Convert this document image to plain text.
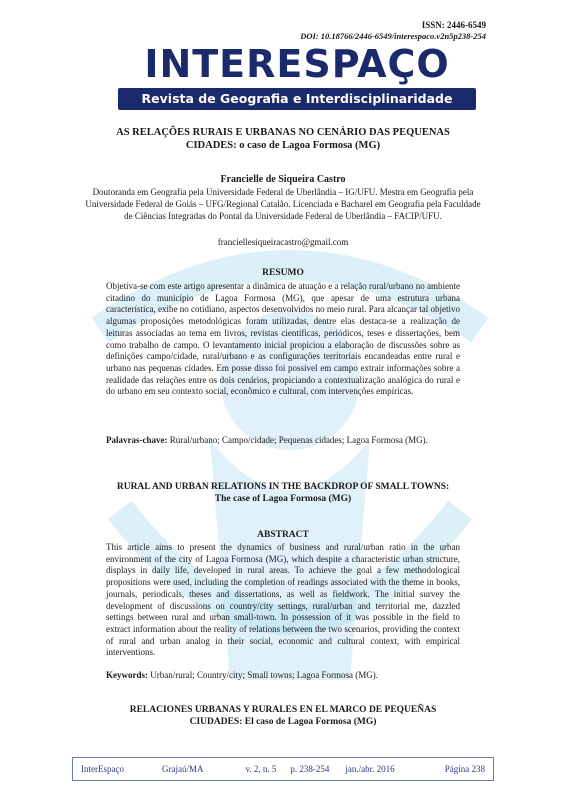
ISSN: 2446-6549
DOI: 10.18766/2446-6549/interespaco.v2n5p238-254
INTERESPAÇO
Revista de Geografia e Interdisciplinaridade
AS RELAÇÕES RURAIS E URBANAS NO CENÁRIO DAS PEQUENAS
CIDADES: o caso de Lagoa Formosa (MG)
Francielle de Siqueira Castro
Doutoranda em Geografia pela Universidade Federal de Uberlândia – IG/UFU. Mestra em Geografia pela Universidade Federal de Goiás – UFG/Regional Catalão. Licenciada e Bacharel em Geografia pela Faculdade de Ciências Integradas do Pontal da Universidade Federal de Uberlândia – FACIP/UFU.
franciellesiqueiracastro@gmail.com
RESUMO
Objetiva-se com este artigo apresentar a dinâmica de atuação e a relação rural/urbano no ambiente citadino do município de Lagoa Formosa (MG), que apesar de uma estrutura urbana característica, exibe no cotidiano, aspectos desenvolvidos no meio rural. Para alcançar tal objetivo algumas proposições metodológicas foram utilizadas, dentre elas destaca-se a realização de leituras associadas ao tema em livros, revistas científicas, periódicos, teses e dissertações, bem como trabalho de campo. O levantamento inicial propiciou a elaboração de discussões sobre as definições campo/cidade, rural/urbano e as configurações territoriais encandeadas entre rural e urbano nas pequenas cidades. Em posse disso foi possível em campo extrair informações sobre a realidade das relações entre os dois cenários, propiciando a contextualização analógica do rural e do urbano em seu contexto social, econômico e cultural, com intervenções empíricas.
Palavras-chave: Rural/urbano; Campo/cidade; Pequenas cidades; Lagoa Formosa (MG).
RURAL AND URBAN RELATIONS IN THE BACKDROP OF SMALL TOWNS:
The case of Lagoa Formosa (MG)
ABSTRACT
This article aims to present the dynamics of business and rural/urban ratio in the urban environment of the city of Lagoa Formosa (MG), which despite a characteristic urban structure, displays in daily life, developed in rural areas. To achieve the goal a few methodological propositions were used, including the completion of readings associated with the theme in books, journals, periodicals, theses and dissertations, as well as fieldwork. The initial survey the development of discussions on country/city settings, rural/urban and territorial me, dazzled settings between rural and urban small-town. In possession of it was possible in the field to extract information about the reality of relations between the two scenarios, providing the context of rural and urban analog in their social, economic and cultural context, with empirical interventions.
Keywords: Urban/rural; Country/city; Small towns; Lagoa Formosa (MG).
RELACIONES URBANAS Y RURALES EN EL MARCO DE PEQUEÑAS
CIUDADES: El caso de Lagoa Formosa (MG)
InterEspaço	Grajaú/MA	v. 2, n. 5 p. 238-254 jan./abr. 2016	Página 238
